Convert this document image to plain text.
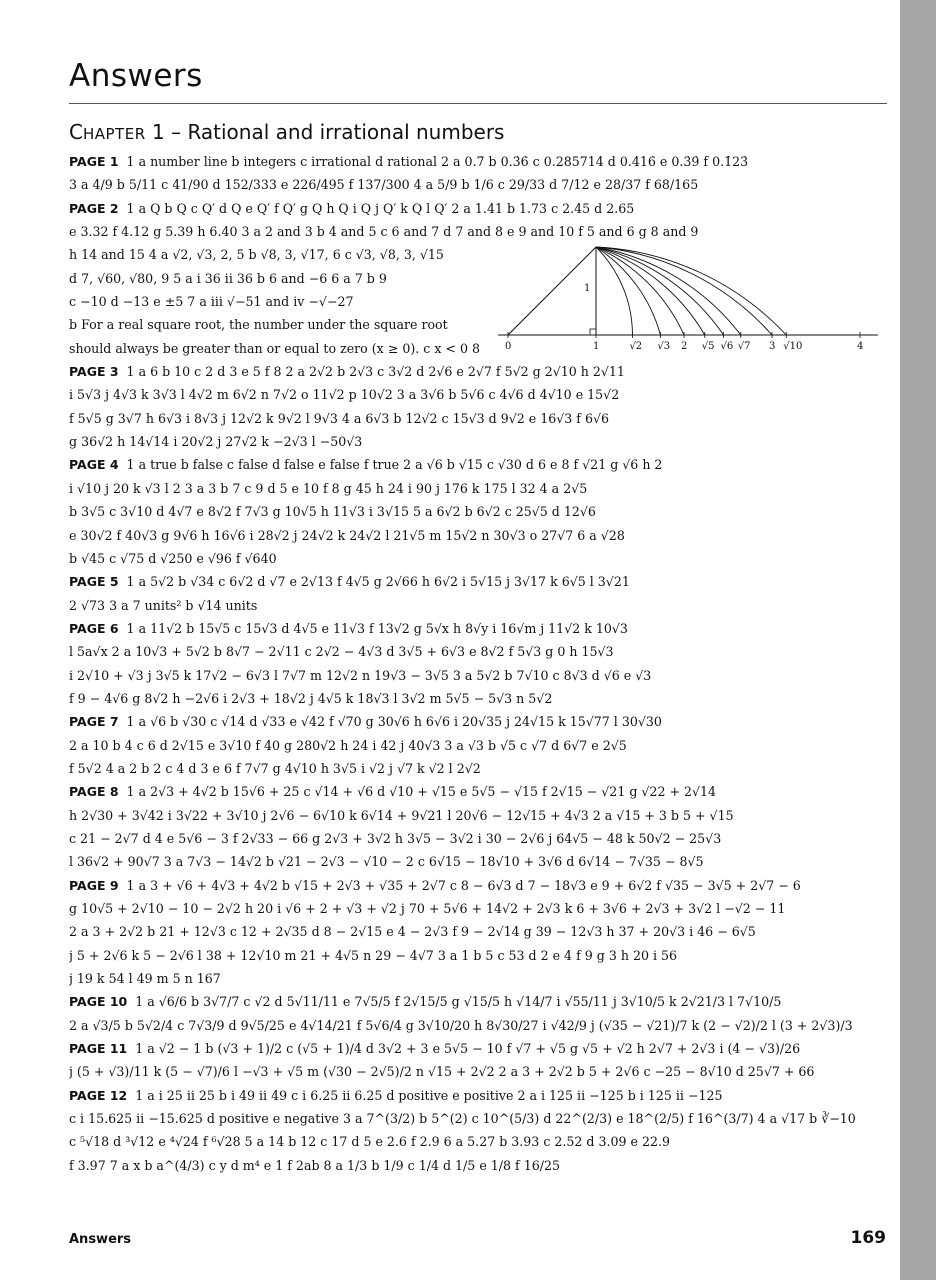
Answers
CHAPTER 1 – Rational and irrational numbers
PAGE 1 1 a number line b integers c irrational d rational 2 a 0.7̇ b 0.3̇6̇ c 0.285714 d 0.416̇ e 0.3̇9̇ f 0.1̇23̇
3 a 4/9 b 5/11 c 41/90 d 152/333 e 226/495 f 137/300 4 a 5/9 b 1/6 c 29/33 d 7/12 e 28/37 f 68/165
PAGE 2 1 a Q b Q c Q′ d Q e Q′ f Q′ g Q h Q i Q j Q′ k Q l Q′ 2 a 1.41 b 1.73 c 2.45 d 2.65
e 3.32 f 4.12 g 5.39 h 6.40 3 a 2 and 3 b 4 and 5 c 6 and 7 d 7 and 8 e 9 and 10 f 5 and 6 g 8 and 9
h 14 and 15 4 a √2, √3, 2, 5 b √8, 3, √17, 6 c √3, √8, 3, √15
d 7, √60, √80, 9 5 a i 36 ii 36 b 6 and −6 6 a 7 b 9
c −10 d −13 e ±5 7 a iii √−51 and iv −√−27
b For a real square root, the number under the square root
should always be greater than or equal to zero (x ≥ 0). c x < 0 8
PAGE 3 1 a 6 b 10 c 2 d 3 e 5 f 8 2 a 2√2 b 2√3 c 3√2 d 2√6 e 2√7 f 5√2 g 2√10 h 2√11
i 5√3 j 4√3 k 3√3 l 4√2 m 6√2 n 7√2 o 11√2 p 10√2 3 a 3√6 b 5√6 c 4√6 d 4√10 e 15√2
f 5√5 g 3√7 h 6√3 i 8√3 j 12√2 k 9√2 l 9√3 4 a 6√3 b 12√2 c 15√3 d 9√2 e 16√3 f 6√6
g 36√2 h 14√14 i 20√2 j 27√2 k −2√3 l −50√3
PAGE 4 1 a true b false c false d false e false f true 2 a √6 b √15 c √30 d 6 e 8 f √21 g √6 h 2
i √10 j 20 k √3 l 2 3 a 3 b 7 c 9 d 5 e 10 f 8 g 45 h 24 i 90 j 176 k 175 l 32 4 a 2√5
b 3√5 c 3√10 d 4√7 e 8√2 f 7√3 g 10√5 h 11√3 i 3√15 5 a 6√2 b 6√2 c 25√5 d 12√6
e 30√2 f 40√3 g 9√6 h 16√6 i 28√2 j 24√2 k 24√2 l 21√5 m 15√2 n 30√3 o 27√7 6 a √28
b √45 c √75 d √250 e √96 f √640
PAGE 5 1 a 5√2 b √34 c 6√2 d √7 e 2√13 f 4√5 g 2√66 h 6√2 i 5√15 j 3√17 k 6√5 l 3√21
2 √73 3 a 7 units² b √14 units
PAGE 6 1 a 11√2 b 15√5 c 15√3 d 4√5 e 11√3 f 13√2 g 5√x h 8√y i 16√m j 11√2 k 10√3
l 5a√x 2 a 10√3 + 5√2 b 8√7 − 2√11 c 2√2 − 4√3 d 3√5 + 6√3 e 8√2 f 5√3 g 0 h 15√3
i 2√10 + √3 j 3√5 k 17√2 − 6√3 l 7√7 m 12√2 n 19√3 − 3√5 3 a 5√2 b 7√10 c 8√3 d √6 e √3
f 9 − 4√6 g 8√2 h −2√6 i 2√3 + 18√2 j 4√5 k 18√3 l 3√2 m 5√5 − 5√3 n 5√2
PAGE 7 1 a √6 b √30 c √14 d √33 e √42 f √70 g 30√6 h 6√6 i 20√35 j 24√15 k 15√77 l 30√30
2 a 10 b 4 c 6 d 2√15 e 3√10 f 40 g 280√2 h 24 i 42 j 40√3 3 a √3 b √5 c √7 d 6√7 e 2√5
f 5√2 4 a 2 b 2 c 4 d 3 e 6 f 7√7 g 4√10 h 3√5 i √2 j √7 k √2 l 2√2
PAGE 8 1 a 2√3 + 4√2 b 15√6 + 25 c √14 + √6 d √10 + √15 e 5√5 − √15 f 2√15 − √21 g √22 + 2√14
h 2√30 + 3√42 i 3√22 + 3√10 j 2√6 − 6√10 k 6√14 + 9√21 l 20√6 − 12√15 + 4√3 2 a √15 + 3 b 5 + √15
c 21 − 2√7 d 4 e 5√6 − 3 f 2√33 − 66 g 2√3 + 3√2 h 3√5 − 3√2 i 30 − 2√6 j 64√5 − 48 k 50√2 − 25√3
l 36√2 + 90√7 3 a 7√3 − 14√2 b √21 − 2√3 − √10 − 2 c 6√15 − 18√10 + 3√6 d 6√14 − 7√35 − 8√5
PAGE 9 1 a 3 + √6 + 4√3 + 4√2 b √15 + 2√3 + √35 + 2√7 c 8 − 6√3 d 7 − 18√3 e 9 + 6√2 f √35 − 3√5 + 2√7 − 6
g 10√5 + 2√10 − 10 − 2√2 h 20 i √6 + 2 + √3 + √2 j 70 + 5√6 + 14√2 + 2√3 k 6 + 3√6 + 2√3 + 3√2 l −√2 − 11
2 a 3 + 2√2 b 21 + 12√3 c 12 + 2√35 d 8 − 2√15 e 4 − 2√3 f 9 − 2√14 g 39 − 12√3 h 37 + 20√3 i 46 − 6√5
j 5 + 2√6 k 5 − 2√6 l 38 + 12√10 m 21 + 4√5 n 29 − 4√7 3 a 1 b 5 c 53 d 2 e 4 f 9 g 3 h 20 i 56
j 19 k 54 l 49 m 5 n 167
PAGE 10 1 a √6/6 b 3√7/7 c √2 d 5√11/11 e 7√5/5 f 2√15/5 g √15/5 h √14/7 i √55/11 j 3√10/5 k 2√21/3 l 7√10/5
2 a √3/5 b 5√2/4 c 7√3/9 d 9√5/25 e 4√14/21 f 5√6/4 g 3√10/20 h 8√30/27 i √42/9 j (√35 − √21)/7 k (2 − √2)/2 l (3 + 2√3)/3
PAGE 11 1 a √2 − 1 b (√3 + 1)/2 c (√5 + 1)/4 d 3√2 + 3 e 5√5 − 10 f √7 + √5 g √5 + √2 h 2√7 + 2√3 i (4 − √3)/26
j (5 + √3)/11 k (5 − √7)/6 l −√3 + √5 m (√30 − 2√5)/2 n √15 + 2√2 2 a 3 + 2√2 b 5 + 2√6 c −25 − 8√10 d 25√7 + 66
PAGE 12 1 a i 25 ii 25 b i 49 ii 49 c i 6.25 ii 6.25 d positive e positive 2 a i 125 ii −125 b i 125 ii −125
c i 15.625 ii −15.625 d positive e negative 3 a 7^(3/2) b 5^(2) c 10^(5/3) d 22^(2/3) e 18^(2/5) f 16^(3/7) 4 a √17 b ∛−10
c ⁵√18 d ³√12 e ⁴√24 f ⁶√28 5 a 14 b 12 c 17 d 5 e 2.6 f 2.9 6 a 5.27 b 3.93 c 2.52 d 3.09 e 22.9
f 3.97 7 a x b a^(4/3) c y d m⁴ e 1 f 2ab 8 a 1/3 b 1/9 c 1/4 d 1/5 e 1/8 f 16/25
0	1	√2 √3 2 √5 √6 √7 3 √10	4
1
Answers	169
